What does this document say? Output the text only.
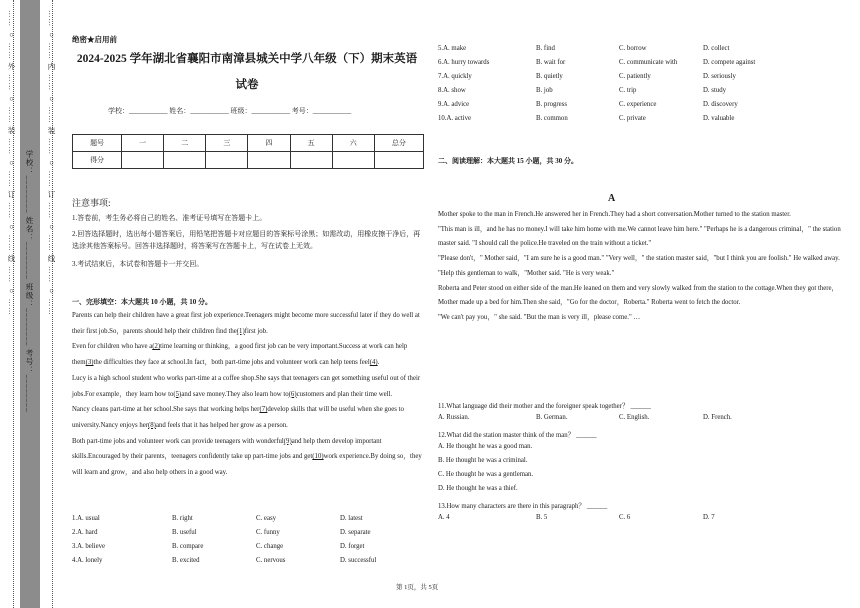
…… ○ …… 外 …… ○ …… 装 …… ○ …… 订 …… ○ …… 线 …… ○ …… 学校：________ 姓名：________ 班级：________ 考号：________ …… ○ …… 内 …… ○ …… 装 …… ○ …… 订 …… ○ …… 线 …… ○ …… 绝密★启用前
2024-2025 学年湖北省襄阳市南漳县城关中学八年级（下）期末英语试卷
学校：___________ 姓名：___________ 班级：___________ 考号：___________
题号	一	二	三	四	五	六	总分
得分							
注意事项:
1.答卷前，考生务必将自己的姓名、准考证号填写在答题卡上。
2.回答选择题时，选出每小题答案后，用铅笔把答题卡对应题目的答案标号涂黑；如需改动，用橡皮擦干净后，再选涂其他答案标号。回答非选择题时，将答案写在答题卡上，写在试卷上无效。
3.考试结束后，本试卷和答题卡一并交回。
一、完形填空：本大题共 10 小题，共 10 分。
Parents can help their children have a great first job experience.Teenagers might become more successful later if they do well at their first job.So，parents should help their children find the(1)first job.
Even for children who have a(2)time learning or thinking，a good first job can be very important.Success at work can help them(3)the difficulties they face at school.In fact，both part-time jobs and volunteer work can help teens feel(4).
Lucy is a high school student who works part-time at a coffee shop.She says that teenagers can get something useful out of their jobs.For example，they learn how to(5)and save money.They also learn how to(6)customers and plan their time well.
Nancy cleans part-time at her school.She says that working helps her(7)develop skills that will be useful when she goes to university.Nancy enjoys her(8)and feels that it has helped her grow as a person.
Both part-time jobs and volunteer work can provide teenagers with wonderful(9)and help them develop important skills.Encouraged by their parents，teenagers confidently take up part-time jobs and get(10)work experience.By doing so，they will learn and grow，and also help others in a good way.
1.A. usual	B. right	C. easy	D. latest
2.A. hard	B. useful	C. funny	D. separate
3.A. believe	B. compare	C. change	D. forget
4.A. lonely	B. excited	C. nervous	D. successful
5.A. make	B. find	C. borrow	D. collect
6.A. hurry towards	B. wait for	C. communicate with	D. compete against
7.A. quickly	B. quietly	C. patiently	D. seriously
8.A. show	B. job	C. trip	D. study
9.A. advice	B. progress	C. experience	D. discovery
10.A. active	B. common	C. private	D. valuable
二、阅读理解：本大题共 15 小题，共 30 分。
A
Mother spoke to the man in French.He answered her in French.They had a short conversation.Mother turned to the station master.
"This man is ill，and he has no money.I will take him home with me.We cannot leave him here." "Perhaps he is a dangerous criminal，" the station master said. "I should call the police.He traveled on the train without a ticket."
"Please don't，" Mother said，"I am sure he is a good man." "Very well，" the station master said，"but I think you are foolish." He walked away.
"Help this gentleman to walk，"Mother said. "He is very weak."
Roberta and Peter stood on either side of the man.He leaned on them and very slowly walked from the station to the cottage.When they got there，Mother made up a bed for him.Then she said，"Go for the doctor，Roberta." Roberta went to fetch the doctor.
"We can't pay you，" she said. "But the man is very ill，please come." …
11.What language did their mother and the foreigner speak together？ ______
A. Russian.	B. German.	C. English.	D. French.
12.What did the station master think of the man？ ______
A. He thought he was a good man.
B. He thought he was a criminal.
C. He thought he was a gentleman.
D. He thought he was a thief.
13.How many characters are there in this paragraph？ ______
A. 4	B. 5	C. 6	D. 7
第 1页，共 5页
